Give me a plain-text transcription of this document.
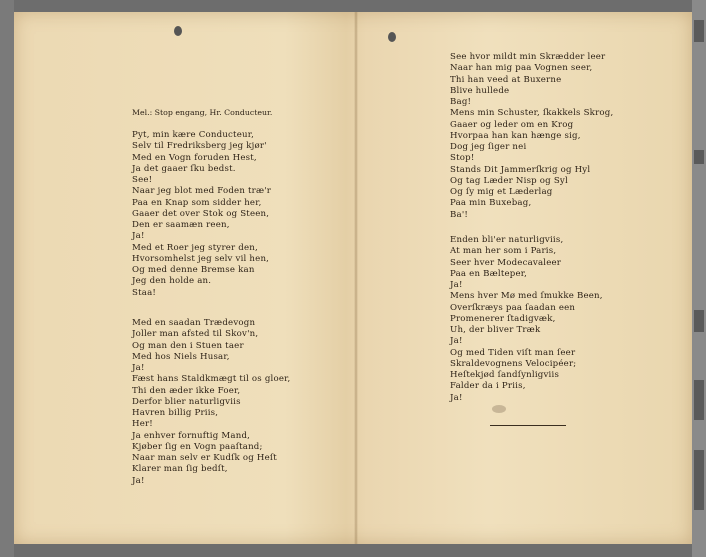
Mel.: Stop engang, Hr. Conducteur.
Pyt, min kære Conducteur,
Selv til Fredriksberg jeg kjør'
Med en Vogn foruden Hest,
Ja det gaaer ſku bedst.
See!
Naar jeg blot med Foden træ'r
Paa en Knap som sidder her,
Gaaer det over Stok og Steen,
Den er saamæn reen,
Ja!
Med et Roer jeg styrer den,
Hvorsomhelst jeg selv vil hen,
Og med denne Bremse kan
Jeg den holde an.
Staa!
Med en saadan Trædevogn
Joller man afsted til Skov'n,
Og man den i Stuen taer
Med hos Niels Husar,
Ja!
Fæst hans Staldkmægt til os gloer,
Thi den æder ikke Foer,
Derfor blier naturligviis
Havren billig Priis,
Her!
Ja enhver fornuftig Mand,
Kjøber ſig en Vogn paaſtand;
Naar man selv er Kudſk og Heſt
Klarer man ſig bedſt,
Ja!
See hvor mildt min Skrædder leer
Naar han mig paa Vognen seer,
Thi han veed at Buxerne
Blive hullede
Bag!
Mens min Schuster, ſkakkels Skrog,
Gaaer og leder om en Krog
Hvorpaa han kan hænge sig,
Dog jeg ſiger nei
Stop!
Stands Dit Jammerſkrig og Hyl
Og tag Læder Nisp og Syl
Og ſy mig et Læderlag
Paa min Buxebag,
Ba'!
Enden bli'er naturligviis,
At man her som i Paris,
Seer hver Modecavaleer
Paa en Bælteper,
Ja!
Mens hver Mø med ſmukke Been,
Overſkræys paa ſaadan een
Promenerer ſtadigvæk,
Uh, der bliver Træk
Ja!
Og med Tiden viſt man ſeer
Skraldevognens Velocipéer;
Heſtekjød ſandſynligviis
Falder da i Priis,
Ja!
